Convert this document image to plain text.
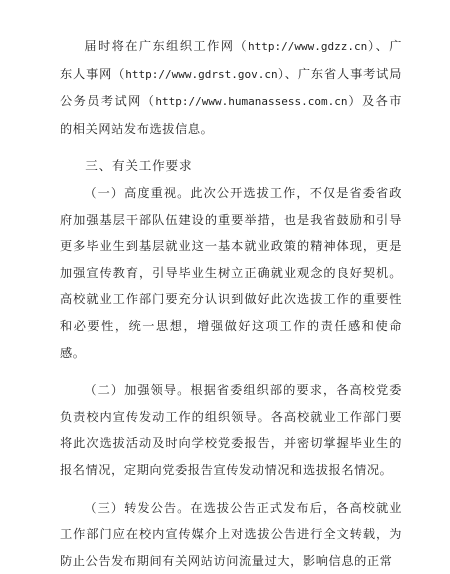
届时将在广东组织工作网（http://www.gdzz.cn）、广东人事网（http://www.gdrst.gov.cn）、广东省人事考试局公务员考试网（http://www.humanassess.com.cn）及各市的相关网站发布选拔信息。

三、有关工作要求

（一）高度重视。此次公开选拔工作，不仅是省委省政府加强基层干部队伍建设的重要举措，也是我省鼓励和引导更多毕业生到基层就业这一基本就业政策的精神体现，更是加强宣传教育，引导毕业生树立正确就业观念的良好契机。高校就业工作部门要充分认识到做好此次选拔工作的重要性和必要性，统一思想，增强做好这项工作的责任感和使命感。

（二）加强领导。根据省委组织部的要求，各高校党委负责校内宣传发动工作的组织领导。各高校就业工作部门要将此次选拔活动及时向学校党委报告，并密切掌握毕业生的报名情况，定期向党委报告宣传发动情况和选拔报名情况。

（三）转发公告。在选拔公告正式发布后，各高校就业工作部门应在校内宣传媒介上对选拔公告进行全文转载，为防止公告发布期间有关网站访问流量过大，影响信息的正常
